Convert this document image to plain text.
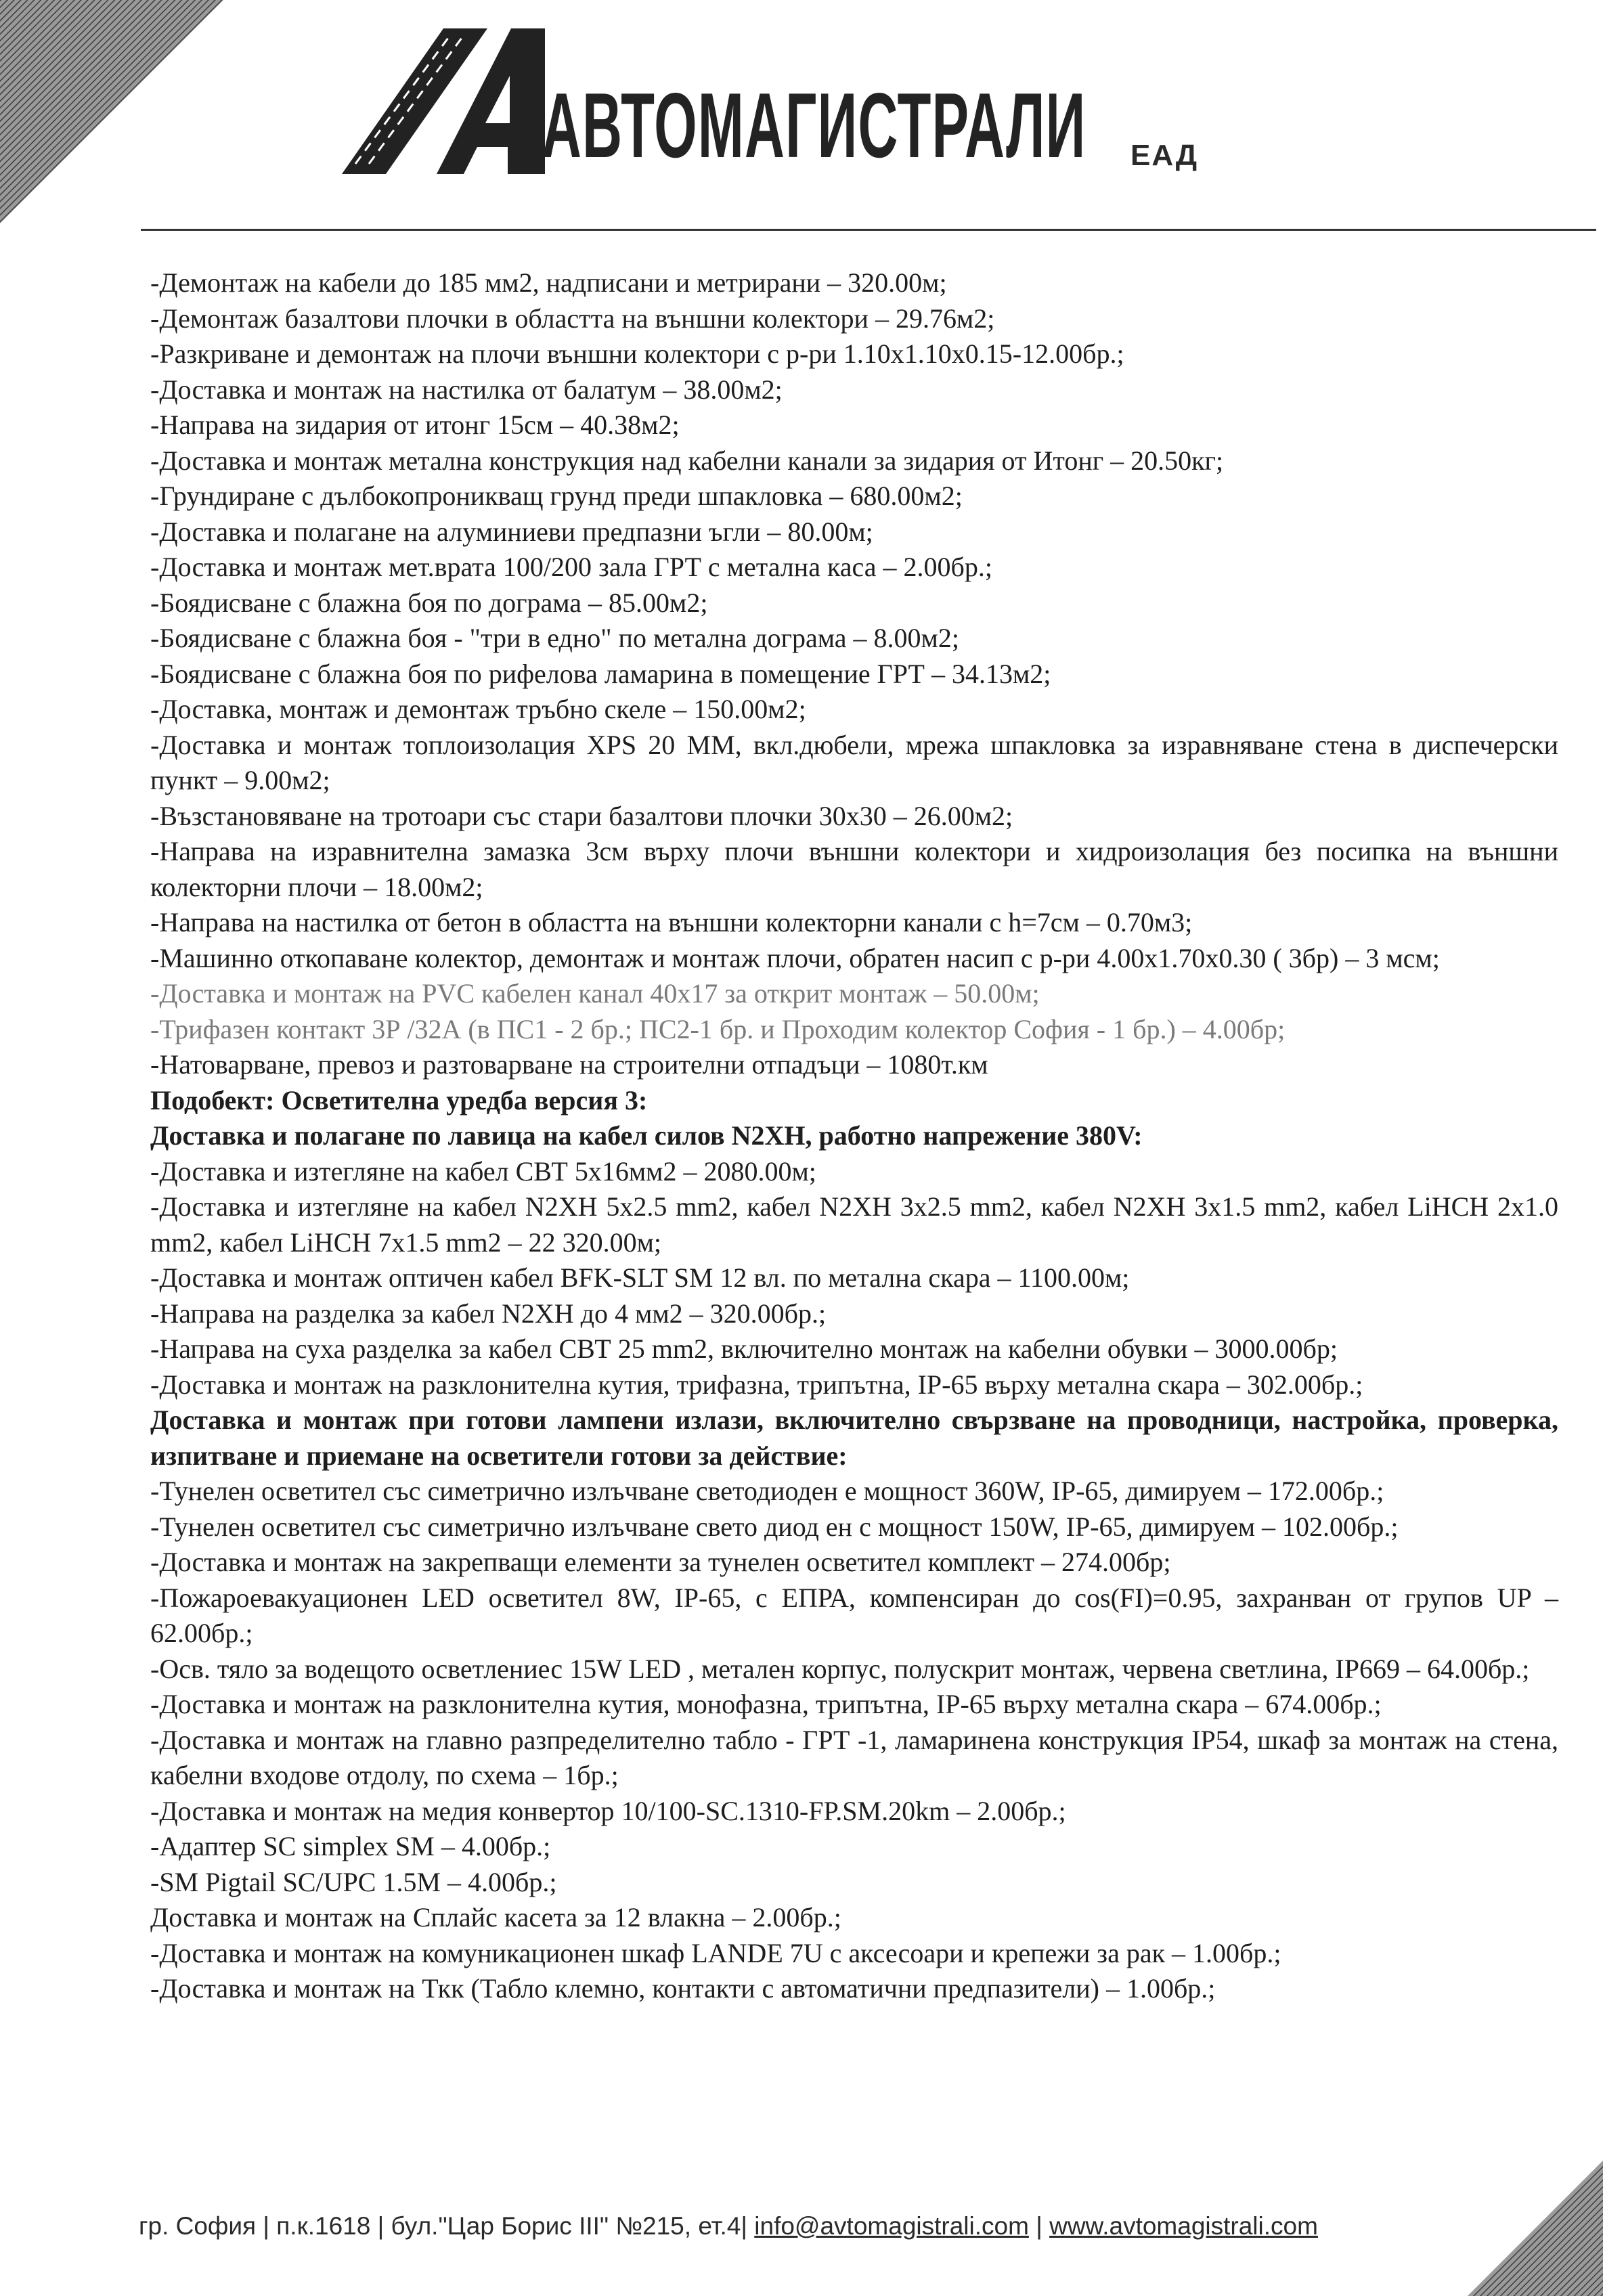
АВТОМАГИСТРАЛИ ЕАД

-Демонтаж на кабели до 185 мм2, надписани и метрирани – 320.00м;

-Демонтаж базалтови плочки в областта на външни колектори – 29.76м2;

-Разкриване и демонтаж на плочи външни колектори с р-ри 1.10х1.10х0.15-12.00бр.;

-Доставка и монтаж на настилка от балатум – 38.00м2;

-Направа на зидария от итонг 15см – 40.38м2;

-Доставка и монтаж метална конструкция над кабелни канали за зидария от Итонг – 20.50кг;

-Грундиране с дълбокопроникващ грунд преди шпакловка – 680.00м2;

-Доставка и полагане на алуминиеви предпазни ъгли – 80.00м;

-Доставка и монтаж мет.врата 100/200 зала ГРТ с метална каса – 2.00бр.;

-Боядисване с блажна боя по дограма – 85.00м2;

-Боядисване с блажна боя - "три в едно" по метална дограма – 8.00м2;

-Боядисване с блажна боя по рифелова ламарина в помещение ГРТ – 34.13м2;

-Доставка, монтаж и демонтаж тръбно скеле – 150.00м2;

-Доставка и монтаж топлоизолация XPS 20 ММ, вкл.дюбели, мрежа шпакловка за изравняване стена в диспечерски пункт – 9.00м2;

-Възстановяване на тротоари със стари базалтови плочки 30х30 – 26.00м2;

-Направа на изравнителна замазка 3см върху плочи външни колектори и хидроизолация без посипка на външни колекторни плочи – 18.00м2;

-Направа на настилка от бетон в областта на външни колекторни канали с h=7см – 0.70м3;

-Машинно откопаване колектор, демонтаж и монтаж плочи, обратен насип с р-ри 4.00х1.70х0.30 ( 3бр) – 3 мсм;

-Доставка и монтаж на PVC кабелен канал 40х17 за открит монтаж – 50.00м;

-Трифазен контакт 3Р /32А (в ПС1 - 2 бр.; ПС2-1 бр. и Проходим колектор София - 1 бр.) – 4.00бр;

-Натоварване, превоз и разтоварване на строителни отпадъци – 1080т.км

Подобект: Осветителна уредба версия 3:

Доставка и полагане по лавица на кабел силов N2XH, работно напрежение 380V:

-Доставка и изтегляне на кабел СВТ 5х16мм2 – 2080.00м;

-Доставка и изтегляне на кабел N2XH 5x2.5 mm2, кабел N2XH 3x2.5 mm2, кабел N2XH 3x1.5 mm2, кабел LiHCH 2x1.0 mm2, кабел LiHCH 7x1.5 mm2 – 22 320.00м;

-Доставка и монтаж оптичен кабел BFK-SLT SM 12 вл. по метална скара – 1100.00м;

-Направа на разделка за кабел N2XH до 4 мм2 – 320.00бр.;

-Направа на суха разделка за кабел СВТ 25 mm2, включително монтаж на кабелни обувки – 3000.00бр;

-Доставка и монтаж на разклонителна кутия, трифазна, трипътна, IP-65 върху метална скара – 302.00бр.;

Доставка и монтаж при готови лампени излази, включително свързване на проводници, настройка, проверка, изпитване и приемане на осветители готови за действие:

-Тунелен осветител със симетрично излъчване светодиоден е мощност 360W, IP-65, димируем – 172.00бр.;

-Тунелен осветител със симетрично излъчване свето диод ен с мощност 150W, IP-65, димируем – 102.00бр.;

-Доставка и монтаж на закрепващи елементи за тунелен осветител комплект – 274.00бр;

-Пожароевакуационен LED осветител 8W, IP-65, с ЕПРА, компенсиран до cos(FI)=0.95, захранван от групов UP – 62.00бр.;

-Осв. тяло за водещото осветлениес 15W LED , метален корпус, полускрит монтаж, червена светлина, IP669 – 64.00бр.;

-Доставка и монтаж на разклонителна кутия, монофазна, трипътна, IP-65 върху метална скара – 674.00бр.;

-Доставка и монтаж на главно разпределително табло - ГРТ -1, ламаринена конструкция IP54, шкаф за монтаж на стена, кабелни входове отдолу, по схема – 1бр.;

-Доставка и монтаж на медия конвертор 10/100-SC.1310-FP.SM.20km – 2.00бр.;

-Адаптер SC simplex SM – 4.00бр.;

-SM Pigtail SC/UPC 1.5M – 4.00бр.;

Доставка и монтаж на Сплайс касета за 12 влакна – 2.00бр.;

-Доставка и монтаж на комуникационен шкаф LANDE 7U с аксесоари и крепежи за рак – 1.00бр.;

-Доставка и монтаж на Ткк (Табло клемно, контакти с автоматични предпазители) – 1.00бр.;

гр. София | п.к.1618 | бул."Цар Борис III" №215, ет.4| info@avtomagistrali.com | www.avtomagistrali.com
